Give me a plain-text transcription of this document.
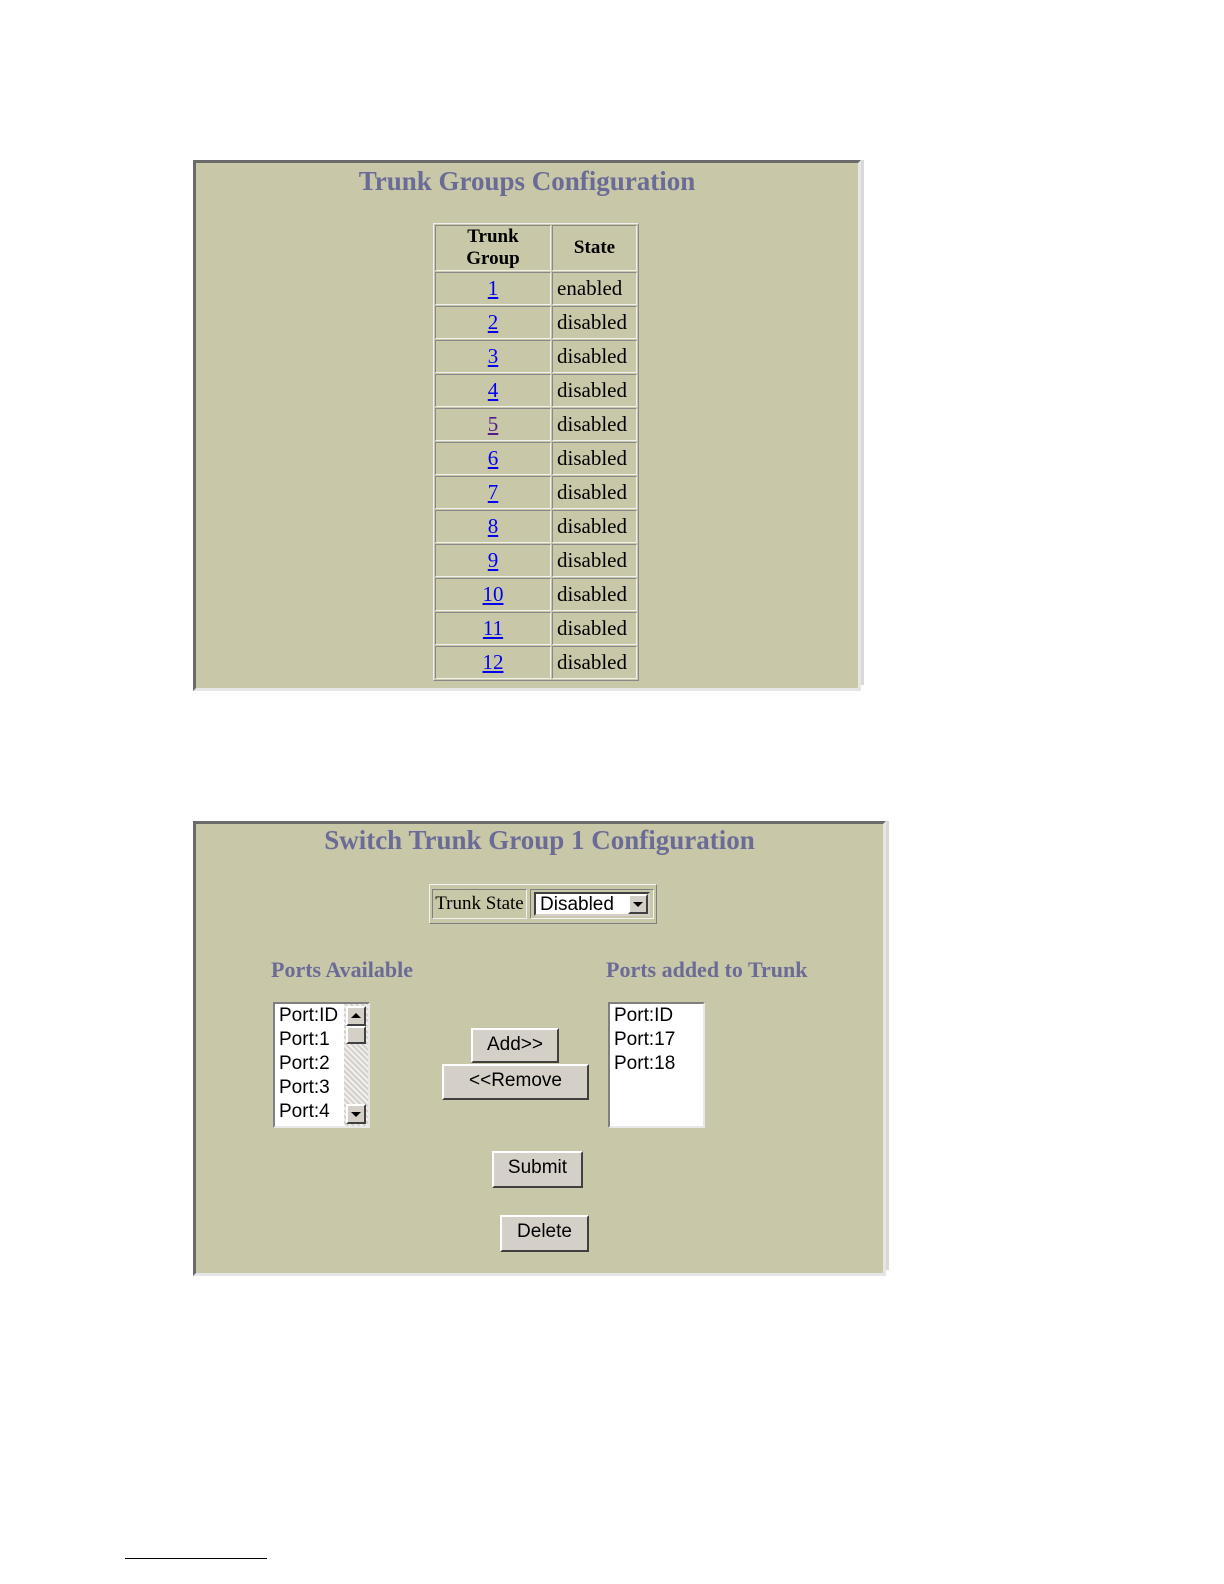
Trunk Groups Configuration
Trunk Group	State
1	enabled
2	disabled
3	disabled
4	disabled
5	disabled
6	disabled
7	disabled
8	disabled
9	disabled
10	disabled
11	disabled
12	disabled
Switch Trunk Group 1 Configuration
Trunk State Disabled
Ports Available	Ports added to Trunk
Port:ID
Port:1
Port:2
Port:3
Port:4
Add>>
<<Remove
Port:ID
Port:17
Port:18
Submit
Delete
